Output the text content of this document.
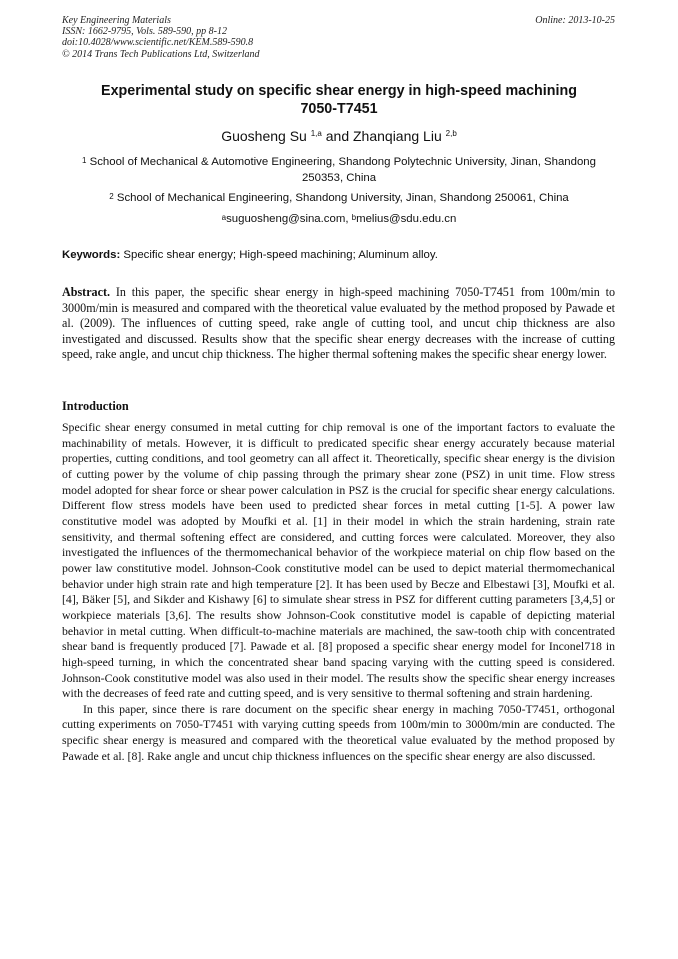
Key Engineering Materials
ISSN: 1662-9795, Vols. 589-590, pp 8-12
doi:10.4028/www.scientific.net/KEM.589-590.8
© 2014 Trans Tech Publications Ltd, Switzerland
Online: 2013-10-25
Experimental study on specific shear energy in high-speed machining
7050-T7451
Guosheng Su $^{1,a}$ and Zhanqiang Liu $^{2,b}$
$^1$ School of Mechanical & Automotive Engineering, Shandong Polytechnic University, Jinan, Shandong 250353, China
$^2$ School of Mechanical Engineering, Shandong University, Jinan, Shandong 250061, China
$^a$suguosheng@sina.com, $^b$melius@sdu.edu.cn
Keywords: Specific shear energy; High-speed machining; Aluminum alloy.
Abstract. In this paper, the specific shear energy in high-speed machining 7050-T7451 from 100m/min to 3000m/min is measured and compared with the theoretical value evaluated by the method proposed by Pawade et al. (2009). The influences of cutting speed, rake angle of cutting tool, and uncut chip thickness are also investigated and discussed. Results show that the specific shear energy decreases with the increase of cutting speed, rake angle, and uncut chip thickness. The higher thermal softening makes the specific shear energy lower.
Introduction

Specific shear energy consumed in metal cutting for chip removal is one of the important factors to evaluate the machinability of metals. However, it is difficult to predicated specific shear energy accurately because material properties, cutting conditions, and tool geometry can all affect it. Theoretically, specific shear energy is the division of cutting power by the volume of chip passing through the primary shear zone (PSZ) in unit time. Flow stress model adopted for shear force or shear power calculation in PSZ is the crucial for specific shear energy calculations. Different flow stress models have been used to predicted shear forces in metal cutting [1-5]. A power law constitutive model was adopted by Moufki et al. [1] in their model in which the strain hardening, strain rate sensitivity, and thermal softening effect are considered, and cutting forces were calculated. Moreover, they also investigated the influences of the thermomechanical behavior of the workpiece material on chip flow based on the power law constitutive model. Johnson-Cook constitutive model can be used to depict material thermomechanical behavior under high strain rate and high temperature [2]. It has been used by Becze and Elbestawi [3], Moufki et al. [4], Bäker [5], and Sikder and Kishawy [6] to simulate shear stress in PSZ for different cutting parameters [3,4,5] or workpiece materials [3,6]. The results show Johnson-Cook constitutive model is capable of depicting material behavior in metal cutting. When difficult-to-machine materials are machined, the saw-tooth chip with concentrated shear band is frequently produced [7]. Pawade et al. [8] proposed a specific shear energy model for Inconel718 in high-speed turning, in which the concentrated shear band spacing varying with the cutting speed is considered. Johnson-Cook constitutive model was also used in their model. The results show the specific shear energy increases with the decreases of feed rate and cutting speed, and is very sensitive to thermal softening and strain hardening.

In this paper, since there is rare document on the specific shear energy in maching 7050-T7451, orthogonal cutting experiments on 7050-T7451 with varying cutting speeds from 100m/min to 3000m/min are conducted. The specific shear energy is measured and compared with the theoretical value evaluated by the method proposed by Pawade et al. [8]. Rake angle and uncut chip thickness influences on the specific shear energy are also discussed.
